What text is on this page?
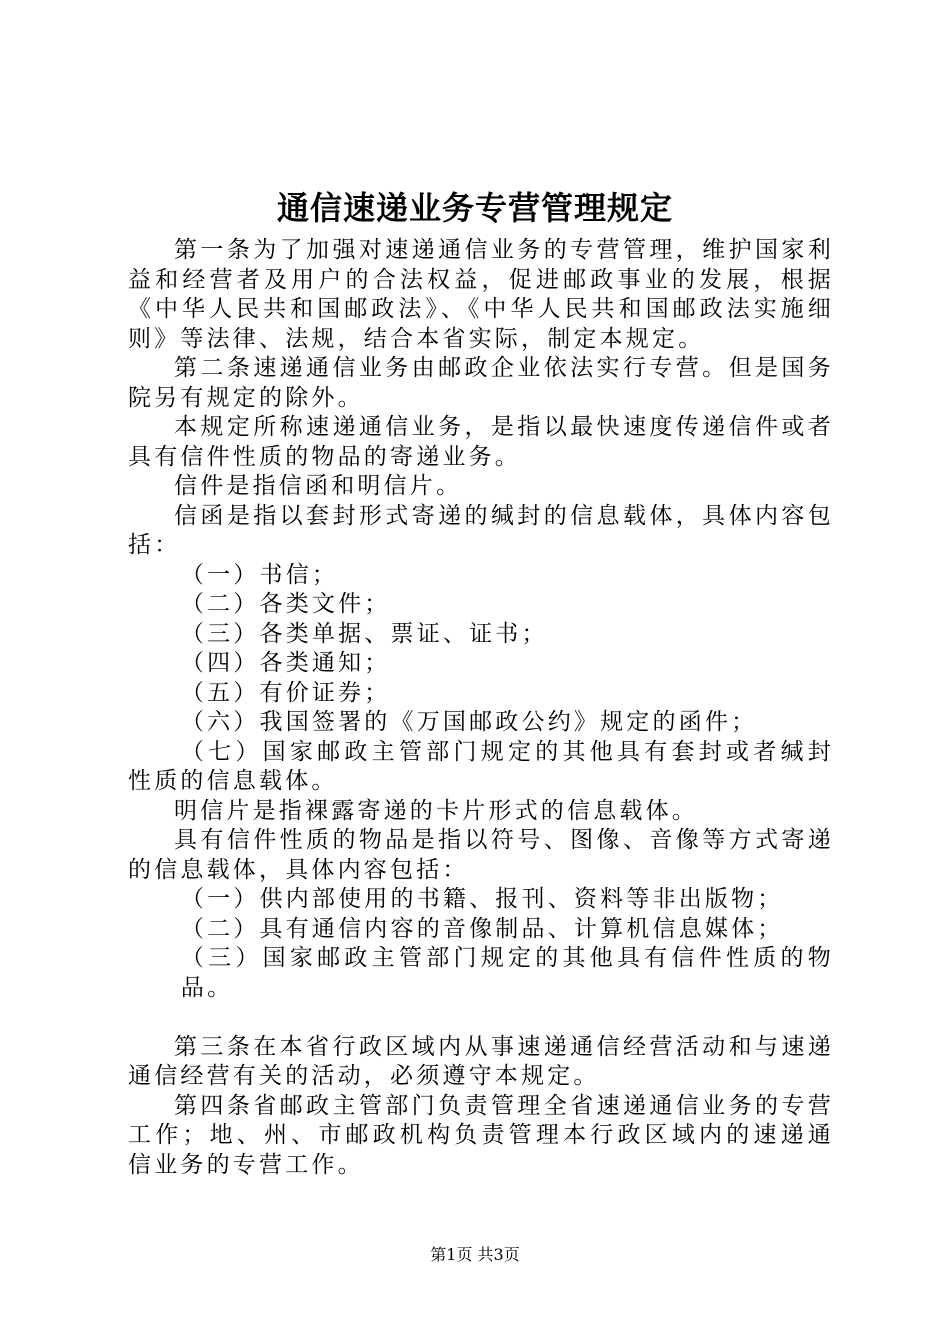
通信速递业务专营管理规定

第一条为了加强对速递通信业务的专营管理，维护国家利益和经营者及用户的合法权益，促进邮政事业的发展，根据《中华人民共和国邮政法》、《中华人民共和国邮政法实施细则》等法律、法规，结合本省实际，制定本规定。

第二条速递通信业务由邮政企业依法实行专营。但是国务院另有规定的除外。

本规定所称速递通信业务，是指以最快速度传递信件或者具有信件性质的物品的寄递业务。

信件是指信函和明信片。

信函是指以套封形式寄递的缄封的信息载体，具体内容包括：

（一）书信；

（二）各类文件；

（三）各类单据、票证、证书；

（四）各类通知；

（五）有价证券；

（六）我国签署的《万国邮政公约》规定的函件；

（七）国家邮政主管部门规定的其他具有套封或者缄封性质的信息载体。

明信片是指裸露寄递的卡片形式的信息载体。

具有信件性质的物品是指以符号、图像、音像等方式寄递的信息载体，具体内容包括：

（一）供内部使用的书籍、报刊、资料等非出版物；

（二）具有通信内容的音像制品、计算机信息媒体；

（三）国家邮政主管部门规定的其他具有信件性质的物品。

第三条在本省行政区域内从事速递通信经营活动和与速递通信经营有关的活动，必须遵守本规定。

第四条省邮政主管部门负责管理全省速递通信业务的专营工作；地、州、市邮政机构负责管理本行政区域内的速递通信业务的专营工作。

第1页 共3页
